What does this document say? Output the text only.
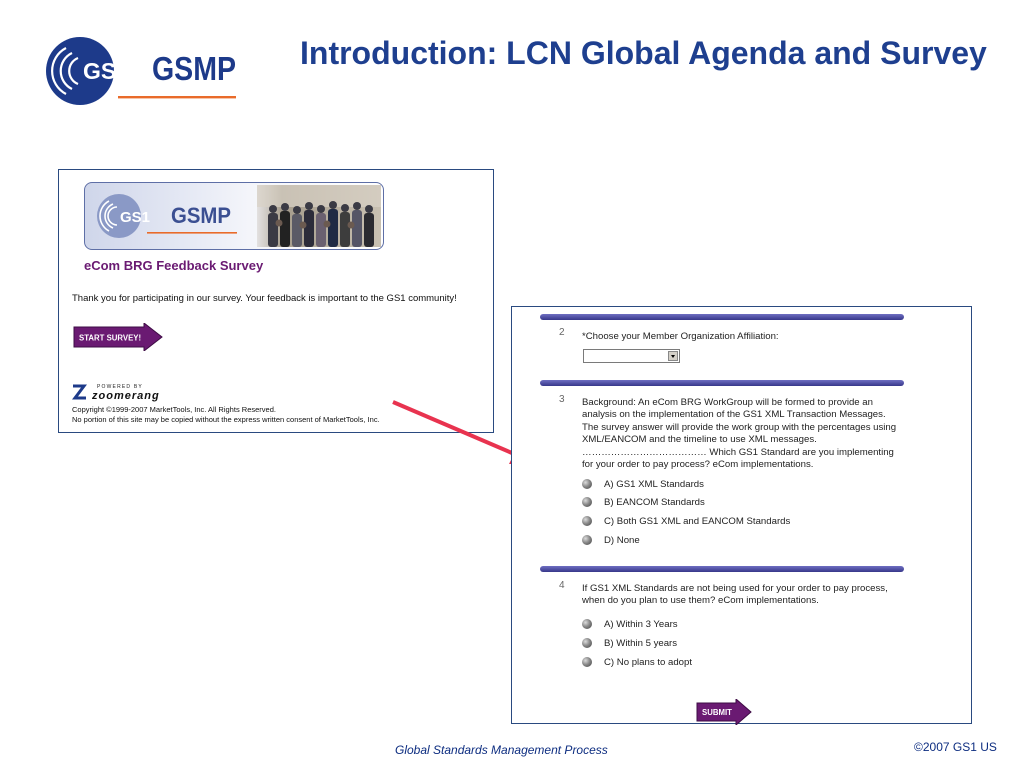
GS1 GSMP Introduction: LCN Global Agenda and Survey
GS1 GSMP
eCom BRG Feedback Survey
Thank you for participating in our survey. Your feedback is important to the GS1 community!
START SURVEY!
POWERED BY
zoomerang
Copyright ©1999-2007 MarketTools, Inc. All Rights Reserved.
No portion of this site may be copied without the express written consent of MarketTools, Inc.
2 *Choose your Member Organization Affiliation:
3 Background: An eCom BRG WorkGroup will be formed to provide an
analysis on the implementation of the GS1 XML Transaction Messages.
The survey answer will provide the work group with the percentages using
XML/EANCOM and the timeline to use XML messages.
………………………………… Which GS1 Standard are you implementing
for your order to pay process? eCom implementations.
A) GS1 XML Standards
B) EANCOM Standards
C) Both GS1 XML and EANCOM Standards
D) None
4 If GS1 XML Standards are not being used for your order to pay process,
when do you plan to use them? eCom implementations.
A) Within 3 Years
B) Within 5 years
C) No plans to adopt
SUBMIT
Global Standards Management Process	©2007 GS1 US
